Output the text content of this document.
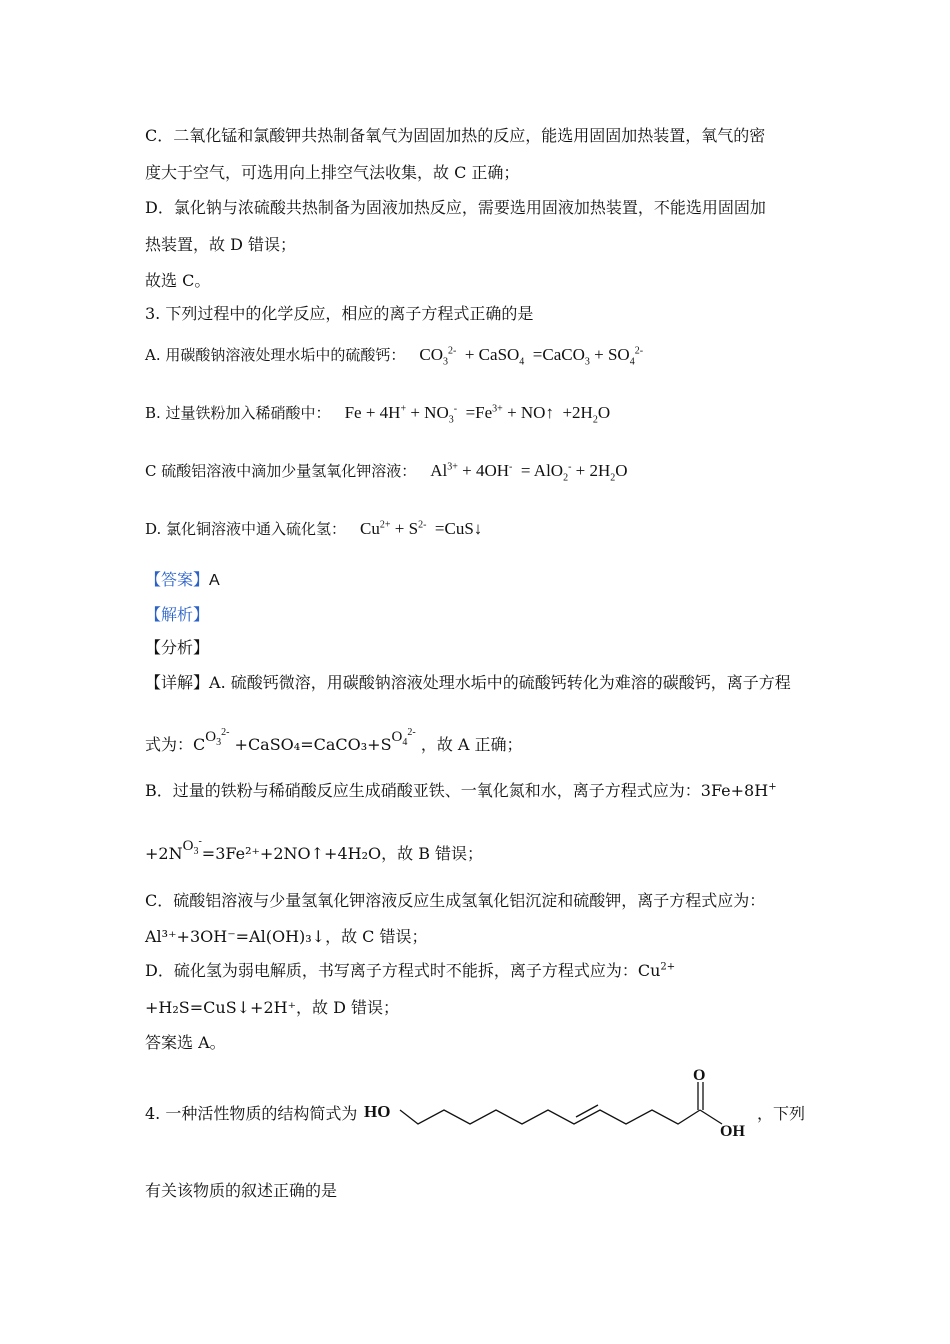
C．二氧化锰和氯酸钾共热制备氧气为固固加热的反应，能选用固固加热装置，氧气的密
度大于空气，可选用向上排空气法收集，故 C 正确；
D．氯化钠与浓硫酸共热制备为固液加热反应，需要选用固液加热装置，不能选用固固加
热装置，故 D 错误；
故选 C。
3. 下列过程中的化学反应，相应的离子方程式正确的是
A. 用碳酸钠溶液处理水垢中的硫酸钙： $CO_3^{2-}$  + CaSO$_4$  =CaCO$_3$ + $SO_4^{2-}$
B. 过量铁粉加入稀硝酸中： $Fe + 4H^+ + NO_3^- =Fe^{3+}$ + NO↑  $+2H_2O$
C 硫酸铝溶液中滴加少量氢氧化钾溶液： $Al^{3+} + 4OH^- = AlO_2^- + 2H_2O$
D. 氯化铜溶液中通入硫化氢： $Cu^{2+} + S^{2-}$  =CuS↓
【答案】A
【解析】
【分析】
【详解】A. 硫酸钙微溶，用碳酸钠溶液处理水垢中的硫酸钙转化为难溶的碳酸钙，离子方程
式为：$CO_3^{2-}$ $+CaSO_4=CaCO_3+SO_4^{2-}$ ，故 A 正确；
B．过量的铁粉与稀硝酸反应生成硝酸亚铁、一氧化氮和水，离子方程式应为：3Fe+8H+
$+2NO_3^-=3Fe^{2+}+2NO↑+4H_2O$，故 B 错误；
C．硫酸铝溶液与少量氢氧化钾溶液反应生成氢氧化铝沉淀和硫酸钾，离子方程式应为：
Al³⁺+3OH⁻=Al(OH)₃↓，故 C 错误；
D．硫化氢为弱电解质，书写离子方程式时不能拆，离子方程式应为：$Cu^{2+}$
+H₂S=CuS↓+2H⁺，故 D 错误；
答案选 A。
4. 一种活性物质的结构简式为 HO
O
OH
，下列
有关该物质的叙述正确的是
